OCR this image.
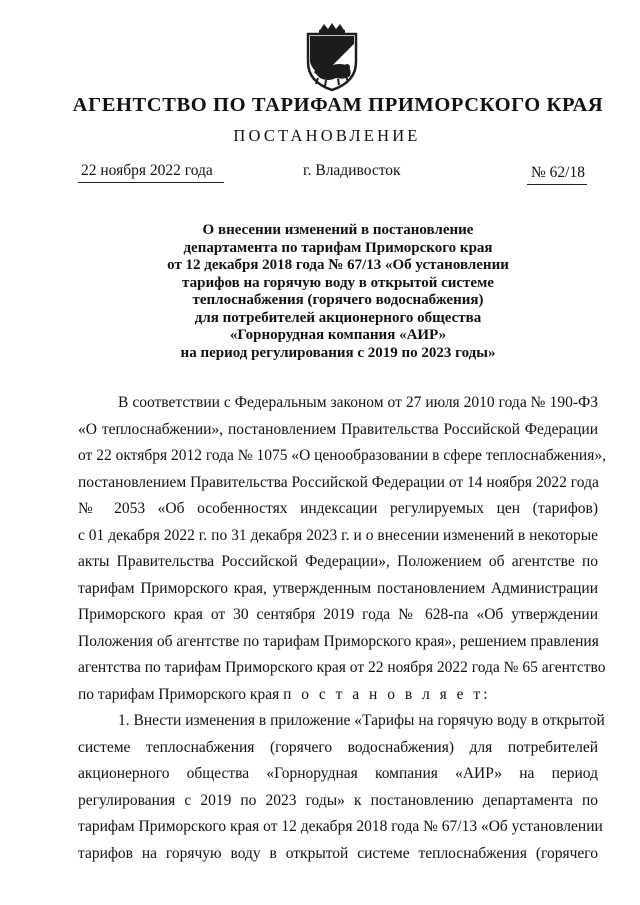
АГЕНТСТВО ПО ТАРИФАМ ПРИМОРСКОГО КРАЯ
ПОСТАНОВЛЕНИЕ
22 ноября 2022 года	г. Владивосток	№ 62/18
О внесении изменений в постановление
департамента по тарифам Приморского края
от 12 декабря 2018 года № 67/13 «Об установлении
тарифов на горячую воду в открытой системе
теплоснабжения (горячего водоснабжения)
для потребителей акционерного общества
«Горнорудная компания «АИР»
на период регулирования с 2019 по 2023 годы»
В соответствии с Федеральным законом от 27 июля 2010 года № 190-ФЗ
«О теплоснабжении», постановлением Правительства Российской Федерации
от 22 октября 2012 года № 1075 «О ценообразовании в сфере теплоснабжения»,
постановлением Правительства Российской Федерации от 14 ноября 2022 года
№ 2053 «Об особенностях индексации регулируемых цен (тарифов)
с 01 декабря 2022 г. по 31 декабря 2023 г. и о внесении изменений в некоторые
акты Правительства Российской Федерации», Положением об агентстве по
тарифам Приморского края, утвержденным постановлением Администрации
Приморского края от 30 сентября 2019 года № 628-па «Об утверждении
Положения об агентстве по тарифам Приморского края», решением правления
агентства по тарифам Приморского края от 22 ноября 2022 года № 65 агентство
по тарифам Приморского края п о с т а н о в л я е т:
1. Внести изменения в приложение «Тарифы на горячую воду в открытой
системе теплоснабжения (горячего водоснабжения) для потребителей
акционерного общества «Горнорудная компания «АИР» на период
регулирования с 2019 по 2023 годы» к постановлению департамента по
тарифам Приморского края от 12 декабря 2018 года № 67/13 «Об установлении
тарифов на горячую воду в открытой системе теплоснабжения (горячего
